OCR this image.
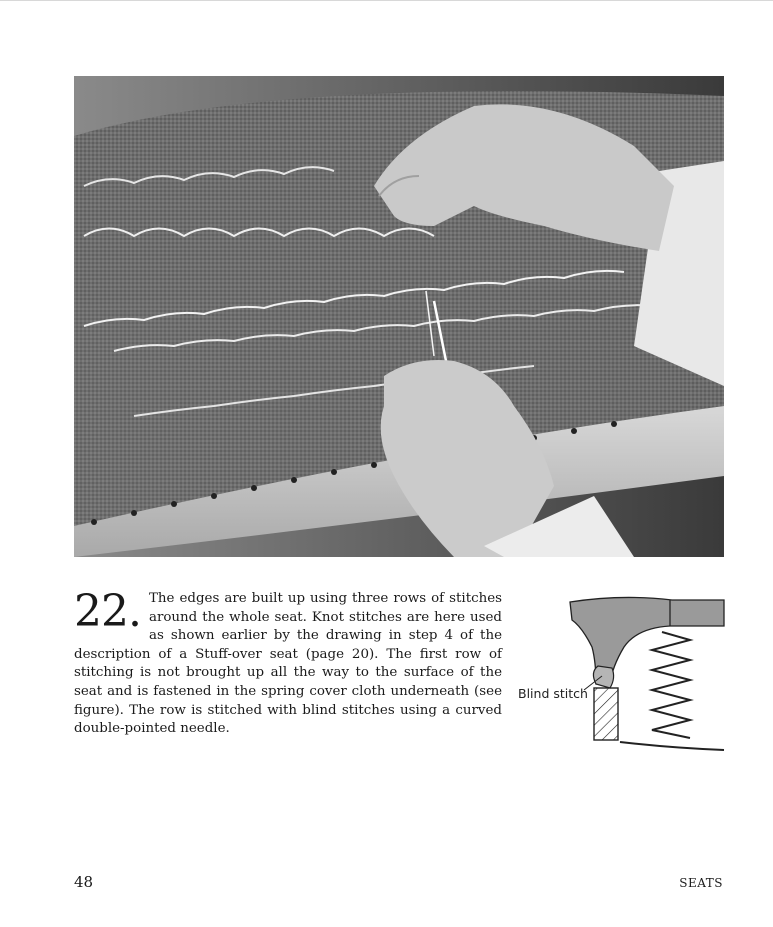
22. The edges are built up using three rows of stitches around the whole seat. Knot stitches are here used as shown earlier by the drawing in step 4 of the description of a Stuff-over seat (page 20). The first row of stitching is not brought up all the way to the surface of the seat and is fastened in the spring cover cloth underneath (see figure). The row is stitched with blind stitches using a curved double-pointed needle.

Blind stitch
48	SEATS
